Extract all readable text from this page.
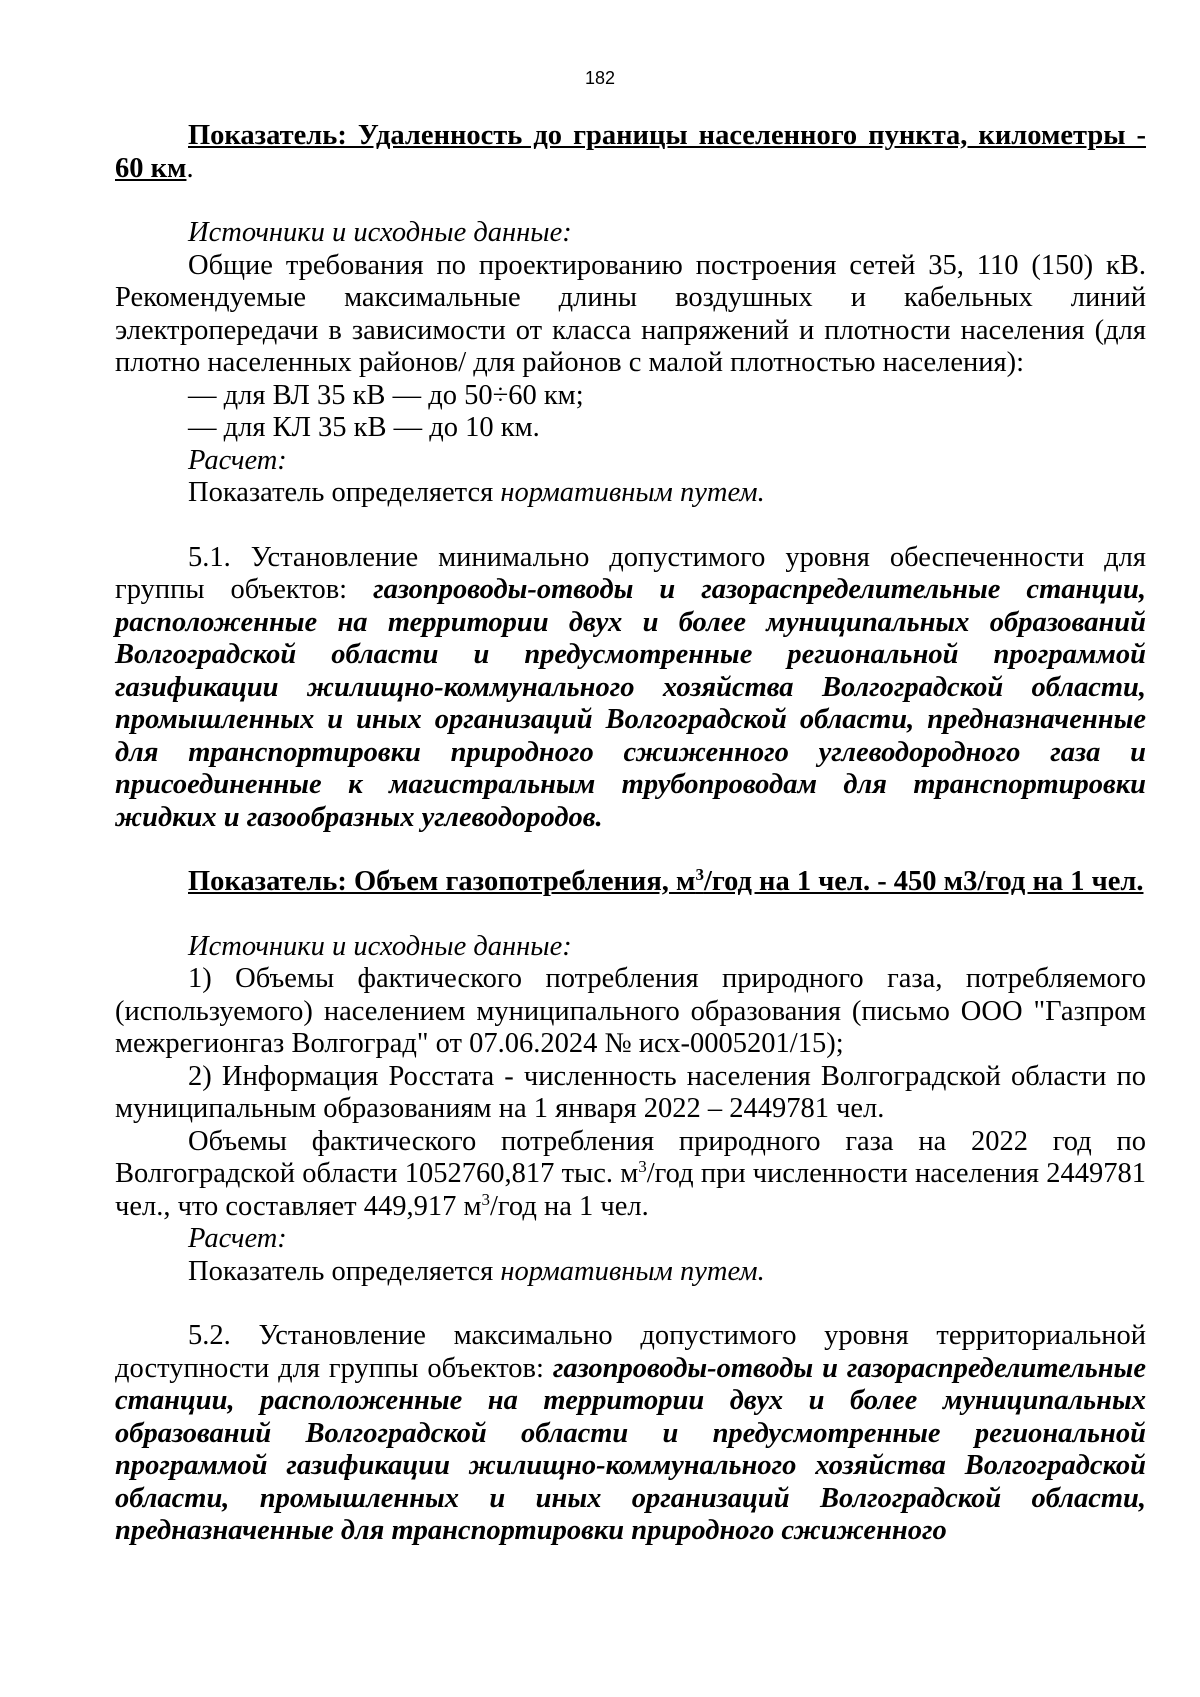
182

Показатель: Удаленность до границы населенного пункта, километры - 60 км.

Источники и исходные данные:

Общие требования по проектированию построения сетей 35, 110 (150) кВ. Рекомендуемые максимальные длины воздушных и кабельных линий электропередачи в зависимости от класса напряжений и плотности населения (для плотно населенных районов/ для районов с малой плотностью населения):

— для ВЛ 35 кВ — до 50÷60 км;

— для КЛ 35 кВ — до 10 км.

Расчет:

Показатель определяется нормативным путем.

5.1. Установление минимально допустимого уровня обеспеченности для группы объектов: газопроводы-отводы и газораспределительные станции, расположенные на территории двух и более муниципальных образований Волгоградской области и предусмотренные региональной программой газификации жилищно-коммунального хозяйства Волгоградской области, промышленных и иных организаций Волгоградской области, предназначенные для транспортировки природного сжиженного углеводородного газа и присоединенные к магистральным трубопроводам для транспортировки жидких и газообразных углеводородов.

Показатель: Объем газопотребления, $м^3$/год на 1 чел. - 450 м3/год на 1 чел.

Источники и исходные данные:

1) Объемы фактического потребления природного газа, потребляемого (используемого) населением муниципального образования (письмо ООО "Газпром межрегионгаз Волгоград" от 07.06.2024 № исх-0005201/15);

2) Информация Росстата - численность населения Волгоградской области по муниципальным образованиям на 1 января 2022 – 2449781 чел.

Объемы фактического потребления природного газа на 2022 год по Волгоградской области 1052760,817 тыс. $м^3$/год при численности населения 2449781 чел., что составляет 449,917 $м^3$/год на 1 чел.

Расчет:

Показатель определяется нормативным путем.

5.2. Установление максимально допустимого уровня территориальной доступности для группы объектов: газопроводы-отводы и газораспределительные станции, расположенные на территории двух и более муниципальных образований Волгоградской области и предусмотренные региональной программой газификации жилищно-коммунального хозяйства Волгоградской области, промышленных и иных организаций Волгоградской области, предназначенные для транспортировки природного сжиженного
